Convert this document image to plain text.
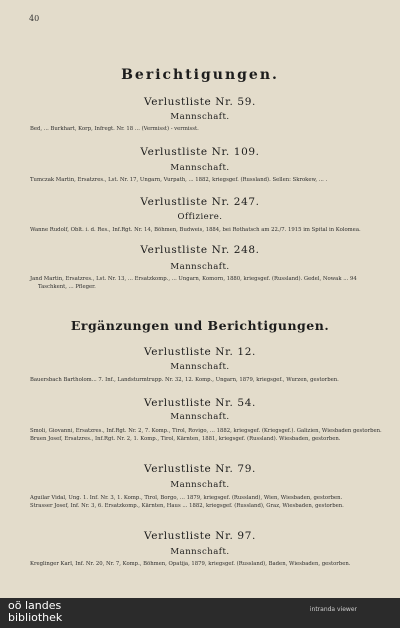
40
Berichtigungen.
Verlustliste Nr. 59.
Mannschaft.
Bed, ... Burkhart, Korp, Infregt. Nr. 18 ... (Vermisst) - vermisst.
Verlustliste Nr. 109.
Mannschaft.
Tumczak Martin, Ersatzres., Lst. Nr. 17, Ungarn, Vurpath, ... 1882, kriegsgef. (Russland). Sellen: Skrokew, ... .
Verlustliste Nr. 247.
Offiziere.
Wanne Rudolf, Oblt. i. d. Res., Inf.Rgt. Nr. 14, Böhmen, Budweis, 1884, bei Rothatsch am 22./7. 1915 im Spital in Kolomea.
Verlustliste Nr. 248.
Mannschaft.
Jand Martin, Ersatzres., Lst. Nr. 13, ... Ersatzkomp., ... Ungarn, Komorn, 1880, kriegsgef. (Russland). Gedel, Nowak ... 94
Taschkent, ... Pfleger.
Ergänzungen und Berichtigungen.
Verlustliste Nr. 12.
Mannschaft.
Bauersbach Bartholom... 7. Inf., Landsturmtrupp. Nr. 32, 12. Komp., Ungarn, 1879, kriegsgef., Wurzen, gestorben.
Verlustliste Nr. 54.
Mannschaft.
Smoli, Giovanni, Ersatzres., Inf.Rgt. Nr. 2, 7. Komp., Tirol, Rovigo, ... 1882, kriegsgef. (Kriegsgef.). Galizien, Wiesbaden gestorben.
Bruen Josef, Ersatzres., Inf.Rgt. Nr. 2, 1. Komp., Tirol, Kärnten, 1881, kriegsgef. (Russland). Wiesbaden, gestorben.
Verlustliste Nr. 79.
Mannschaft.
Aguilar Vidal, Ung. 1. Inf. Nr. 3, 1. Komp., Tirol, Borgo, ... 1879, kriegsgef. (Russland), Wien, Wiesbaden, gestorben.
Strasser Josef, Inf. Nr. 3, 6. Ersatzkomp., Kärnten, Haus ... 1882, kriegsgef. (Russland), Graz, Wiesbaden, gestorben.
Verlustliste Nr. 97.
Mannschaft.
Kreglinger Karl, Inf. Nr. 20, Nr. 7, Komp., Böhmen, Opatija, 1879, kriegsgef. (Russland), Baden, Wiesbaden, gestorben.
oö landes
bibliothek
intranda viewer
